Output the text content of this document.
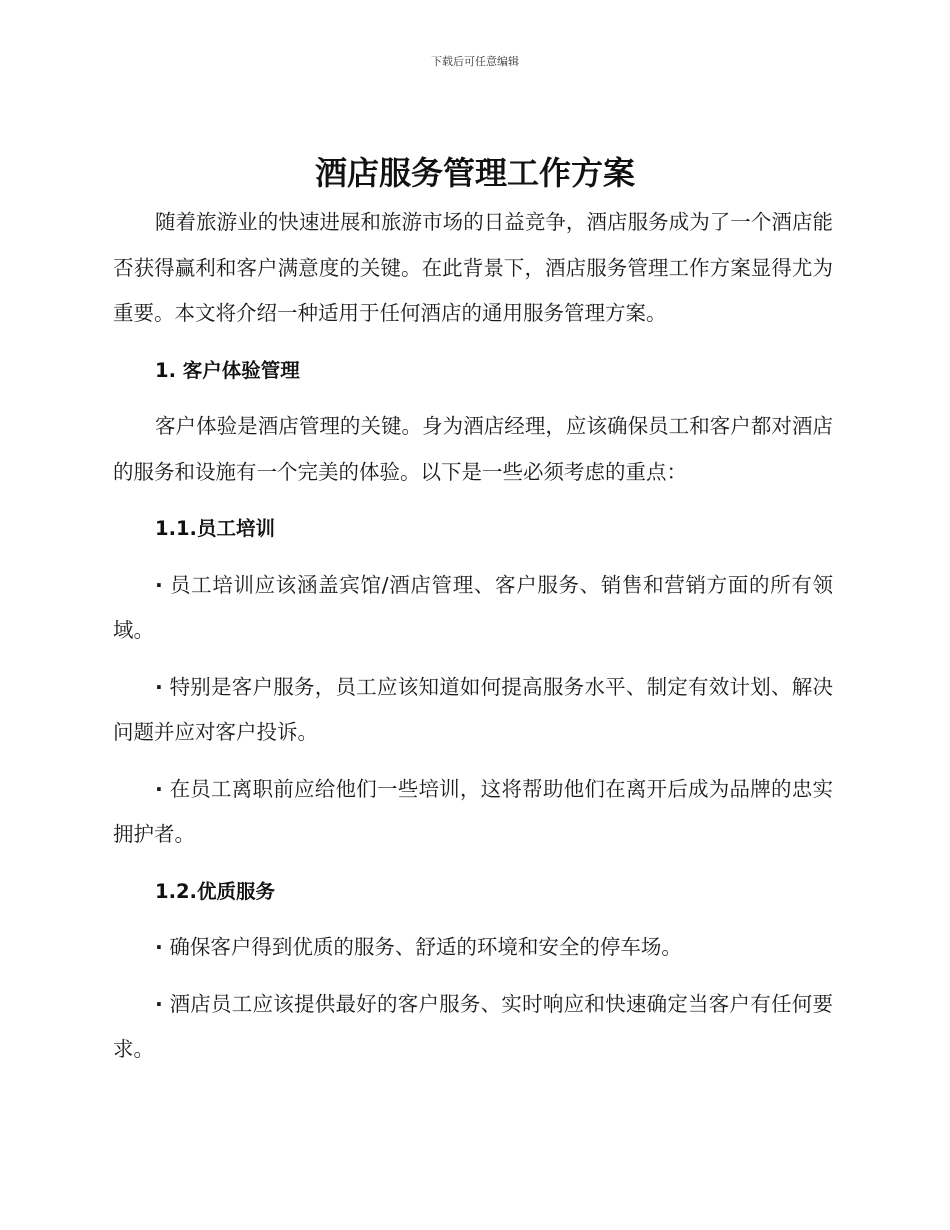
下载后可任意编辑
酒店服务管理工作方案

随着旅游业的快速进展和旅游市场的日益竞争，酒店服务成为了一个酒店能否获得赢利和客户满意度的关键。在此背景下，酒店服务管理工作方案显得尤为重要。本文将介绍一种适用于任何酒店的通用服务管理方案。

1. 客户体验管理

客户体验是酒店管理的关键。身为酒店经理，应该确保员工和客户都对酒店的服务和设施有一个完美的体验。以下是一些必须考虑的重点：

1.1.员工培训

· 员工培训应该涵盖宾馆/酒店管理、客户服务、销售和营销方面的所有领域。

· 特别是客户服务，员工应该知道如何提高服务水平、制定有效计划、解决问题并应对客户投诉。

· 在员工离职前应给他们一些培训，这将帮助他们在离开后成为品牌的忠实拥护者。

1.2.优质服务

· 确保客户得到优质的服务、舒适的环境和安全的停车场。

· 酒店员工应该提供最好的客户服务、实时响应和快速确定当客户有任何要求。
